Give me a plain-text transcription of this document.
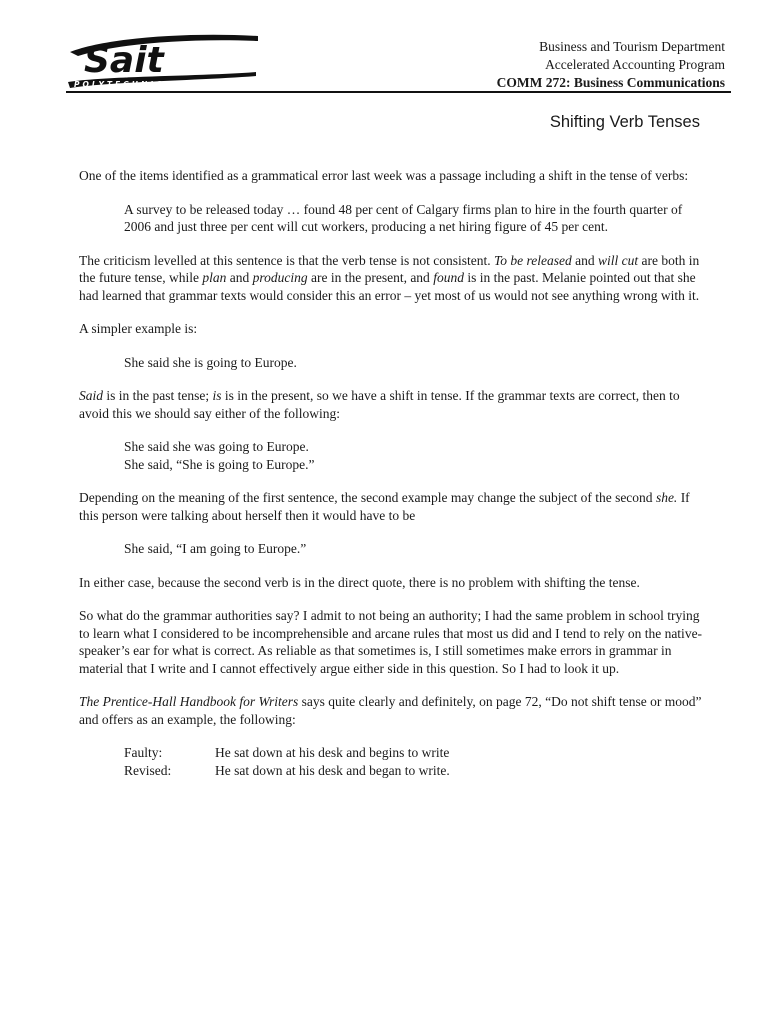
Sait
POLYTECHNIC
Business and Tourism Department
Accelerated Accounting Program
COMM 272: Business Communications
Shifting Verb Tenses

One of the items identified as a grammatical error last week was a passage including a shift in the tense of verbs:

A survey to be released today … found 48 per cent of Calgary firms plan to hire in the fourth quarter of 2006 and just three per cent will cut workers, producing a net hiring figure of 45 per cent.

The criticism levelled at this sentence is that the verb tense is not consistent. To be released and will cut are both in the future tense, while plan and producing are in the present, and found is in the past. Melanie pointed out that she had learned that grammar texts would consider this an error – yet most of us would not see anything wrong with it.

A simpler example is:

She said she is going to Europe.

Said is in the past tense; is is in the present, so we have a shift in tense. If the grammar texts are correct, then to avoid this we should say either of the following:

She said she was going to Europe.

She said, “She is going to Europe.”

Depending on the meaning of the first sentence, the second example may change the subject of the second she. If this person were talking about herself then it would have to be

She said, “I am going to Europe.”

In either case, because the second verb is in the direct quote, there is no problem with shifting the tense.

So what do the grammar authorities say? I admit to not being an authority; I had the same problem in school trying to learn what I considered to be incomprehensible and arcane rules that most us did and I tend to rely on the native-speaker’s ear for what is correct. As reliable as that sometimes is, I still sometimes make errors in grammar in material that I write and I cannot effectively argue either side in this question. So I had to look it up.

The Prentice-Hall Handbook for Writers says quite clearly and definitely, on page 72, “Do not shift tense or mood” and offers as an example, the following:

Faulty:	He sat down at his desk and begins to write
Revised:	He sat down at his desk and began to write.
